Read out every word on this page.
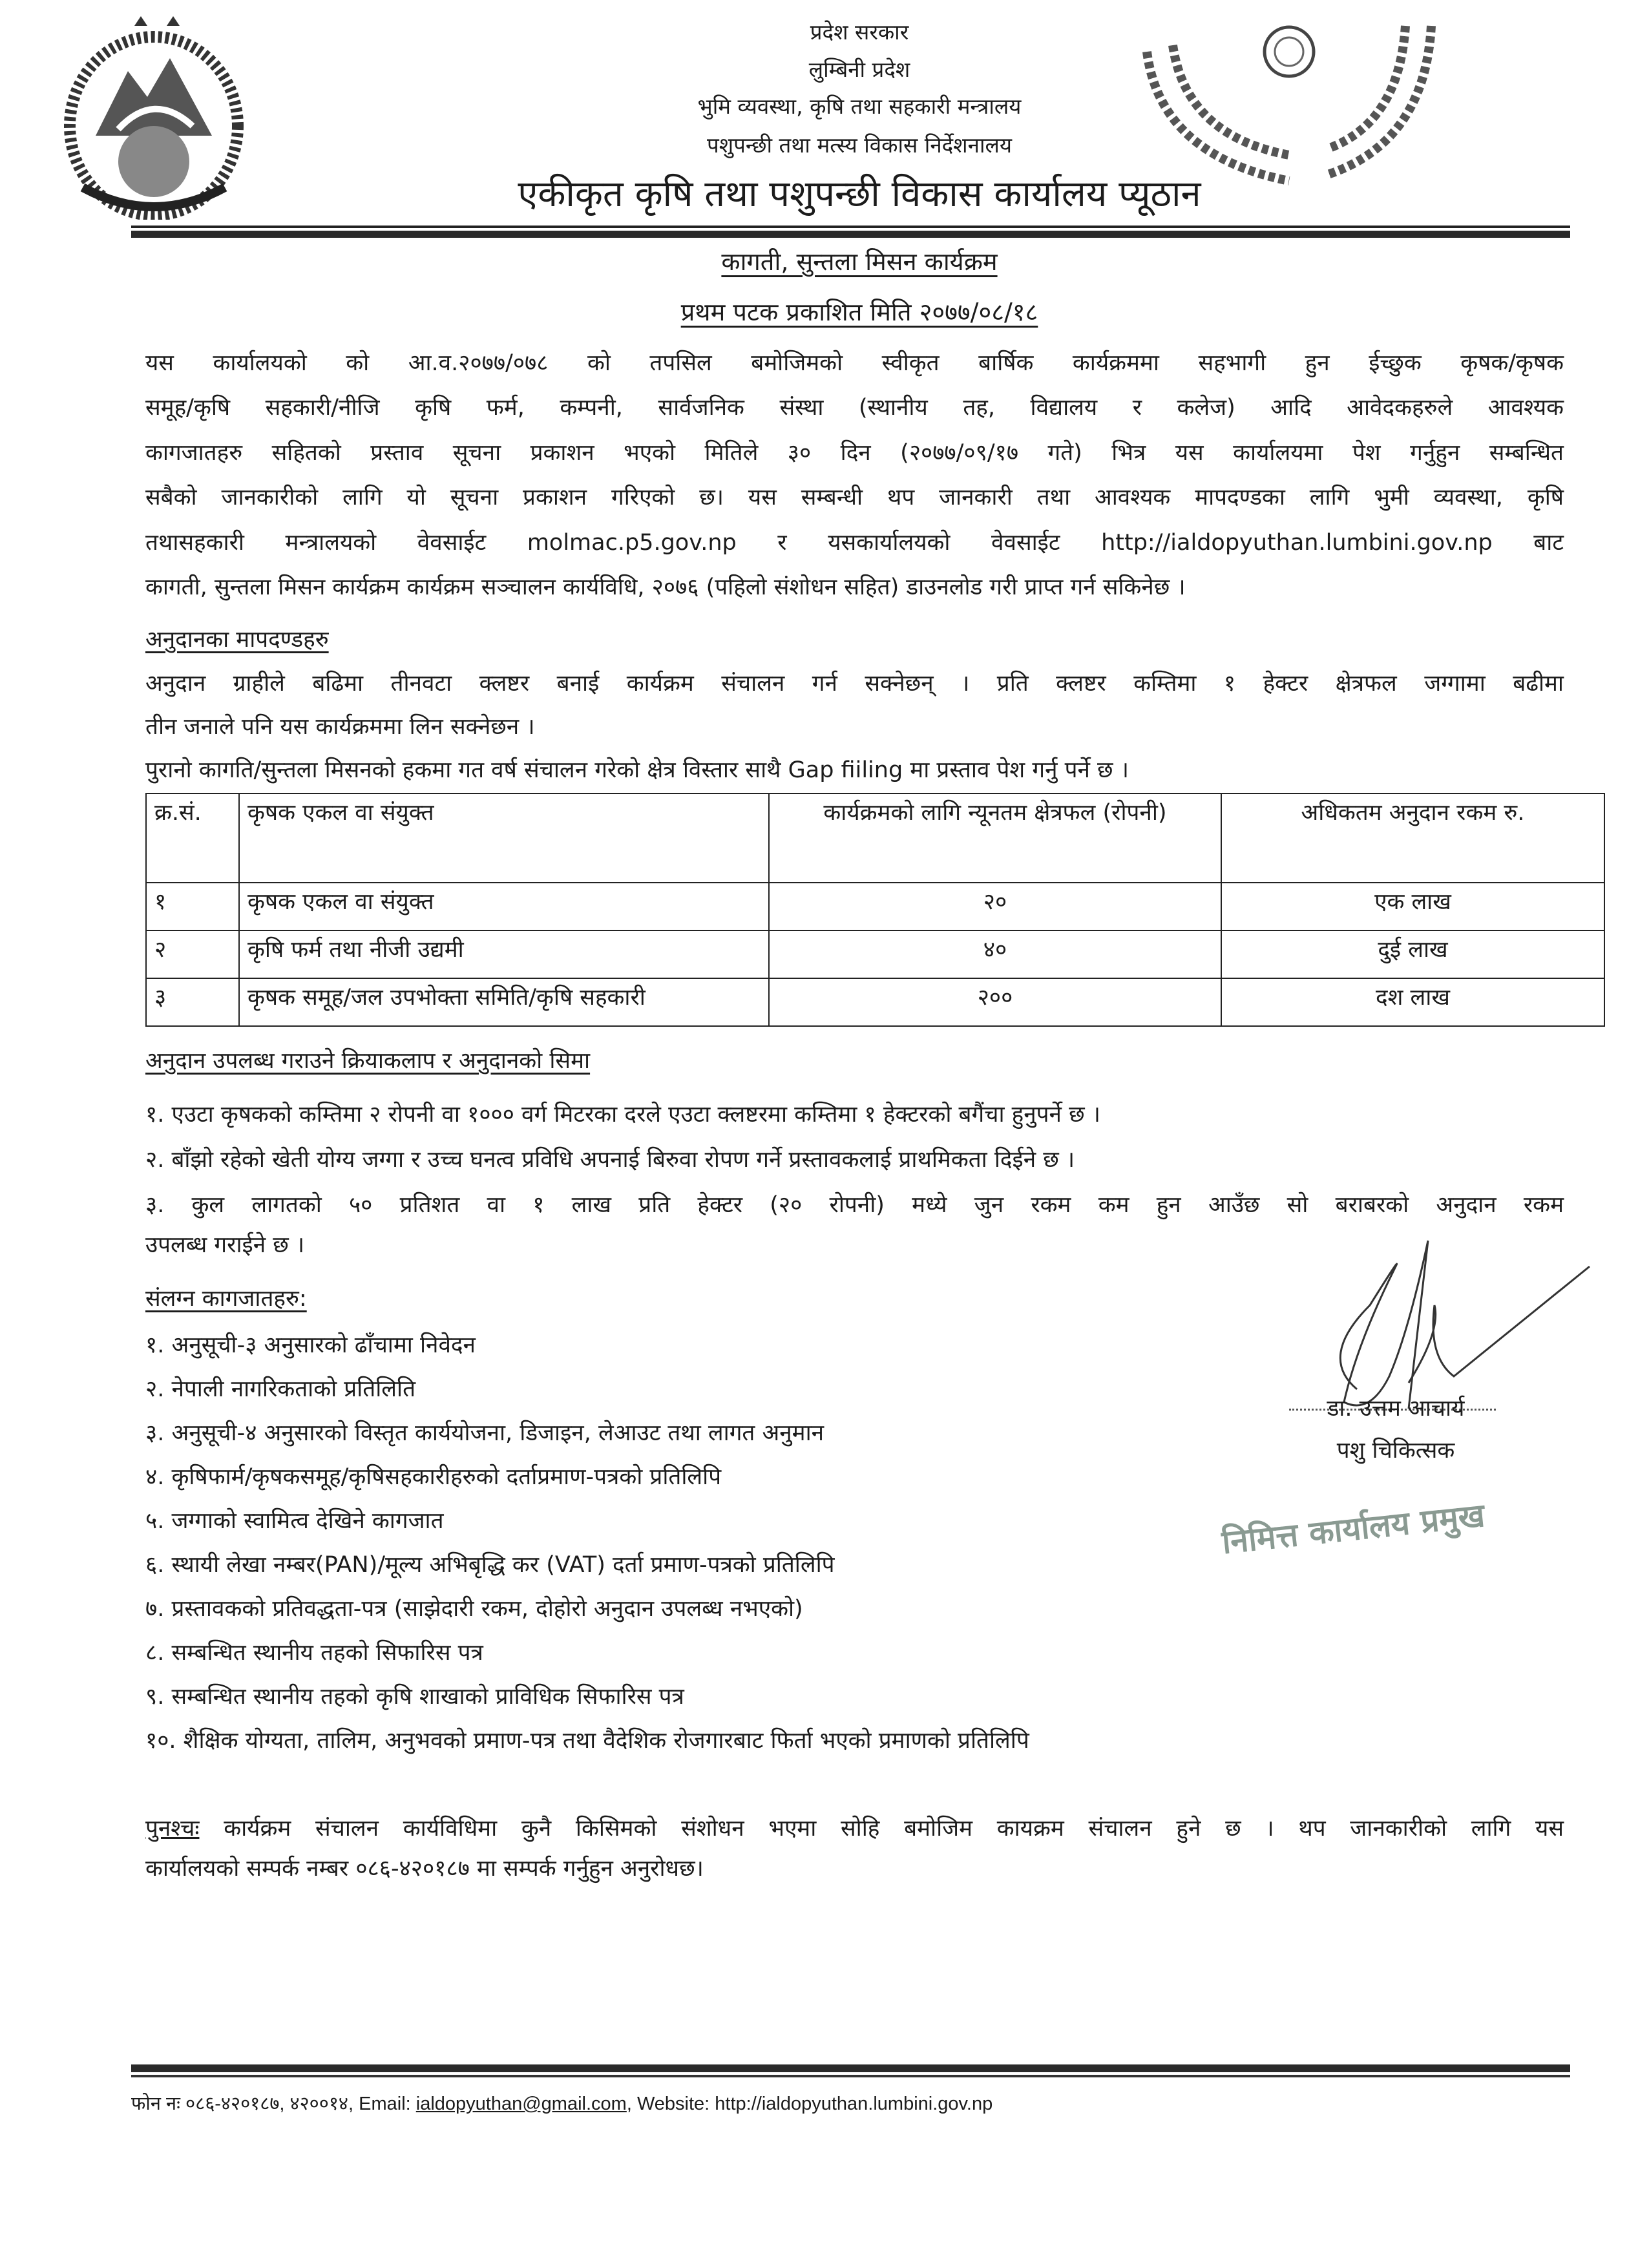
प्रदेश सरकार
लुम्बिनी प्रदेश
भुमि व्यवस्था, कृषि तथा सहकारी मन्त्रालय
पशुपन्छी तथा मत्स्य विकास निर्देशनालय
एकीकृत कृषि तथा पशुपन्छी विकास कार्यालय प्यूठान
कागती, सुन्तला मिसन कार्यक्रम
प्रथम पटक प्रकाशित मिति २०७७/०८/१८
यस कार्यालयको को आ.व.२०७७/०७८ को तपसिल बमोजिमको स्वीकृत बार्षिक कार्यक्रममा सहभागी हुन ईच्छुक कृषक/कृषक
समूह/कृषि सहकारी/नीजि कृषि फर्म, कम्पनी, सार्वजनिक संस्था (स्थानीय तह, विद्यालय र कलेज) आदि आवेदकहरुले आवश्यक
कागजातहरु सहितको प्रस्ताव सूचना प्रकाशन भएको मितिले ३० दिन (२०७७/०९/१७ गते) भित्र यस कार्यालयमा पेश गर्नुहुन सम्बन्धित
सबैको जानकारीको लागि यो सूचना प्रकाशन गरिएको छ। यस सम्बन्धी थप जानकारी तथा आवश्यक मापदण्डका लागि भुमी व्यवस्था, कृषि
तथासहकारी मन्त्रालयको वेवसाईट molmac.p5.gov.np र यसकार्यालयको वेवसाईट http://ialdopyuthan.lumbini.gov.np बाट
कागती, सुन्तला मिसन कार्यक्रम कार्यक्रम सञ्चालन कार्यविधि, २०७६ (पहिलो संशोधन सहित) डाउनलोड गरी प्राप्त गर्न सकिनेछ ।
अनुदानका मापदण्डहरु
अनुदान ग्राहीले बढिमा तीनवटा क्लष्टर बनाई कार्यक्रम संचालन गर्न सक्नेछन् । प्रति क्लष्टर कम्तिमा १ हेक्टर क्षेत्रफल जग्गामा बढीमा
तीन जनाले पनि यस कार्यक्रममा लिन सक्नेछन ।
पुरानो कागति/सुन्तला मिसनको हकमा गत वर्ष संचालन गरेको क्षेत्र विस्तार साथै Gap fiiling मा प्रस्ताव पेश गर्नु पर्ने छ ।
क्र.सं.	कृषक एकल वा संयुक्त	कार्यक्रमको लागि न्यूनतम क्षेत्रफल (रोपनी)	अधिकतम अनुदान रकम रु.
१	कृषक एकल वा संयुक्त	२०	एक लाख
२	कृषि फर्म तथा नीजी उद्यमी	४०	दुई लाख
३	कृषक समूह/जल उपभोक्ता समिति/कृषि सहकारी	२००	दश लाख
अनुदान उपलब्ध गराउने क्रियाकलाप र अनुदानको सिमा
१. एउटा कृषकको कम्तिमा २ रोपनी वा १००० वर्ग मिटरका दरले एउटा क्लष्टरमा कम्तिमा १ हेक्टरको बगैंचा हुनुपर्ने छ ।
२. बाँझो रहेको खेती योग्य जग्गा र उच्च घनत्व प्रविधि अपनाई बिरुवा रोपण गर्ने प्रस्तावकलाई प्राथमिकता दिईने छ ।
३. कुल लागतको ५० प्रतिशत वा १ लाख प्रति हेक्टर (२० रोपनी) मध्ये जुन रकम कम हुन आउँछ सो बराबरको अनुदान रकम
उपलब्ध गराईने छ ।
संलग्न कागजातहरु:
१. अनुसूची-३ अनुसारको ढाँचामा निवेदन
२. नेपाली नागरिकताको प्रतिलिति
३. अनुसूची-४ अनुसारको विस्तृत कार्ययोजना, डिजाइन, लेआउट तथा लागत अनुमान
४. कृषिफार्म/कृषकसमूह/कृषिसहकारीहरुको दर्ताप्रमाण-पत्रको प्रतिलिपि
५. जग्गाको स्वामित्व देखिने कागजात
६. स्थायी लेखा नम्बर(PAN)/मूल्य अभिबृद्धि कर (VAT) दर्ता प्रमाण-पत्रको प्रतिलिपि
७. प्रस्तावकको प्रतिवद्धता-पत्र (साझेदारी रकम, दोहोरो अनुदान उपलब्ध नभएको)
८. सम्बन्धित स्थानीय तहको सिफारिस पत्र
९. सम्बन्धित स्थानीय तहको कृषि शाखाको प्राविधिक सिफारिस पत्र
१०. शैक्षिक योग्यता, तालिम, अनुभवको प्रमाण-पत्र तथा वैदेशिक रोजगारबाट फिर्ता भएको प्रमाणको प्रतिलिपि
डा. उत्तम आचार्य
पशु चिकित्सक
निमित्त कार्यालय प्रमुख
पुनश्चः कार्यक्रम संचालन कार्यविधिमा कुनै किसिमको संशोधन भएमा सोहि बमोजिम कायक्रम संचालन हुने छ । थप जानकारीको लागि यस
कार्यालयको सम्पर्क नम्बर ०८६-४२०१८७ मा सम्पर्क गर्नुहुन अनुरोधछ।
फोन नः ०८६-४२०१८७, ४२००१४, Email: ialdopyuthan@gmail.com, Website: http://ialdopyuthan.lumbini.gov.np
